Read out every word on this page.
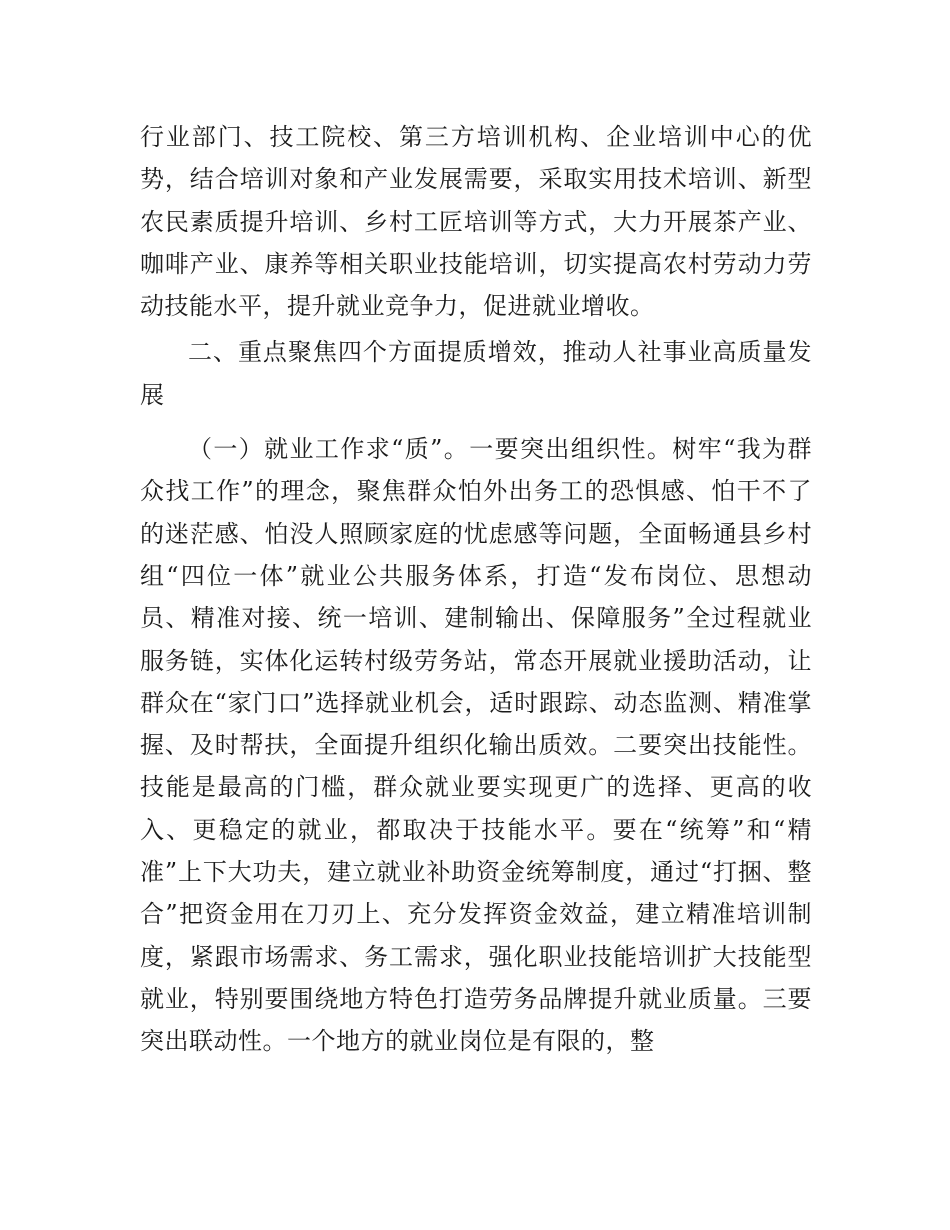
行业部门、技工院校、第三方培训机构、企业培训中心的优势，结合培训对象和产业发展需要，采取实用技术培训、新型农民素质提升培训、乡村工匠培训等方式，大力开展茶产业、咖啡产业、康养等相关职业技能培训，切实提高农村劳动力劳动技能水平，提升就业竞争力，促进就业增收。

二、重点聚焦四个方面提质增效，推动人社事业高质量发展

（一）就业工作求“质”。一要突出组织性。树牢“我为群众找工作”的理念，聚焦群众怕外出务工的恐惧感、怕干不了的迷茫感、怕没人照顾家庭的忧虑感等问题，全面畅通县乡村组“四位一体”就业公共服务体系，打造“发布岗位、思想动员、精准对接、统一培训、建制输出、保障服务”全过程就业服务链，实体化运转村级劳务站，常态开展就业援助活动，让群众在“家门口”选择就业机会，适时跟踪、动态监测、精准掌握、及时帮扶，全面提升组织化输出质效。二要突出技能性。技能是最高的门槛，群众就业要实现更广的选择、更高的收入、更稳定的就业，都取决于技能水平。要在“统筹”和“精准”上下大功夫，建立就业补助资金统筹制度，通过“打捆、整合”把资金用在刀刃上、充分发挥资金效益，建立精准培训制度，紧跟市场需求、务工需求，强化职业技能培训扩大技能型就业，特别要围绕地方特色打造劳务品牌提升就业质量。三要突出联动性。一个地方的就业岗位是有限的，整
